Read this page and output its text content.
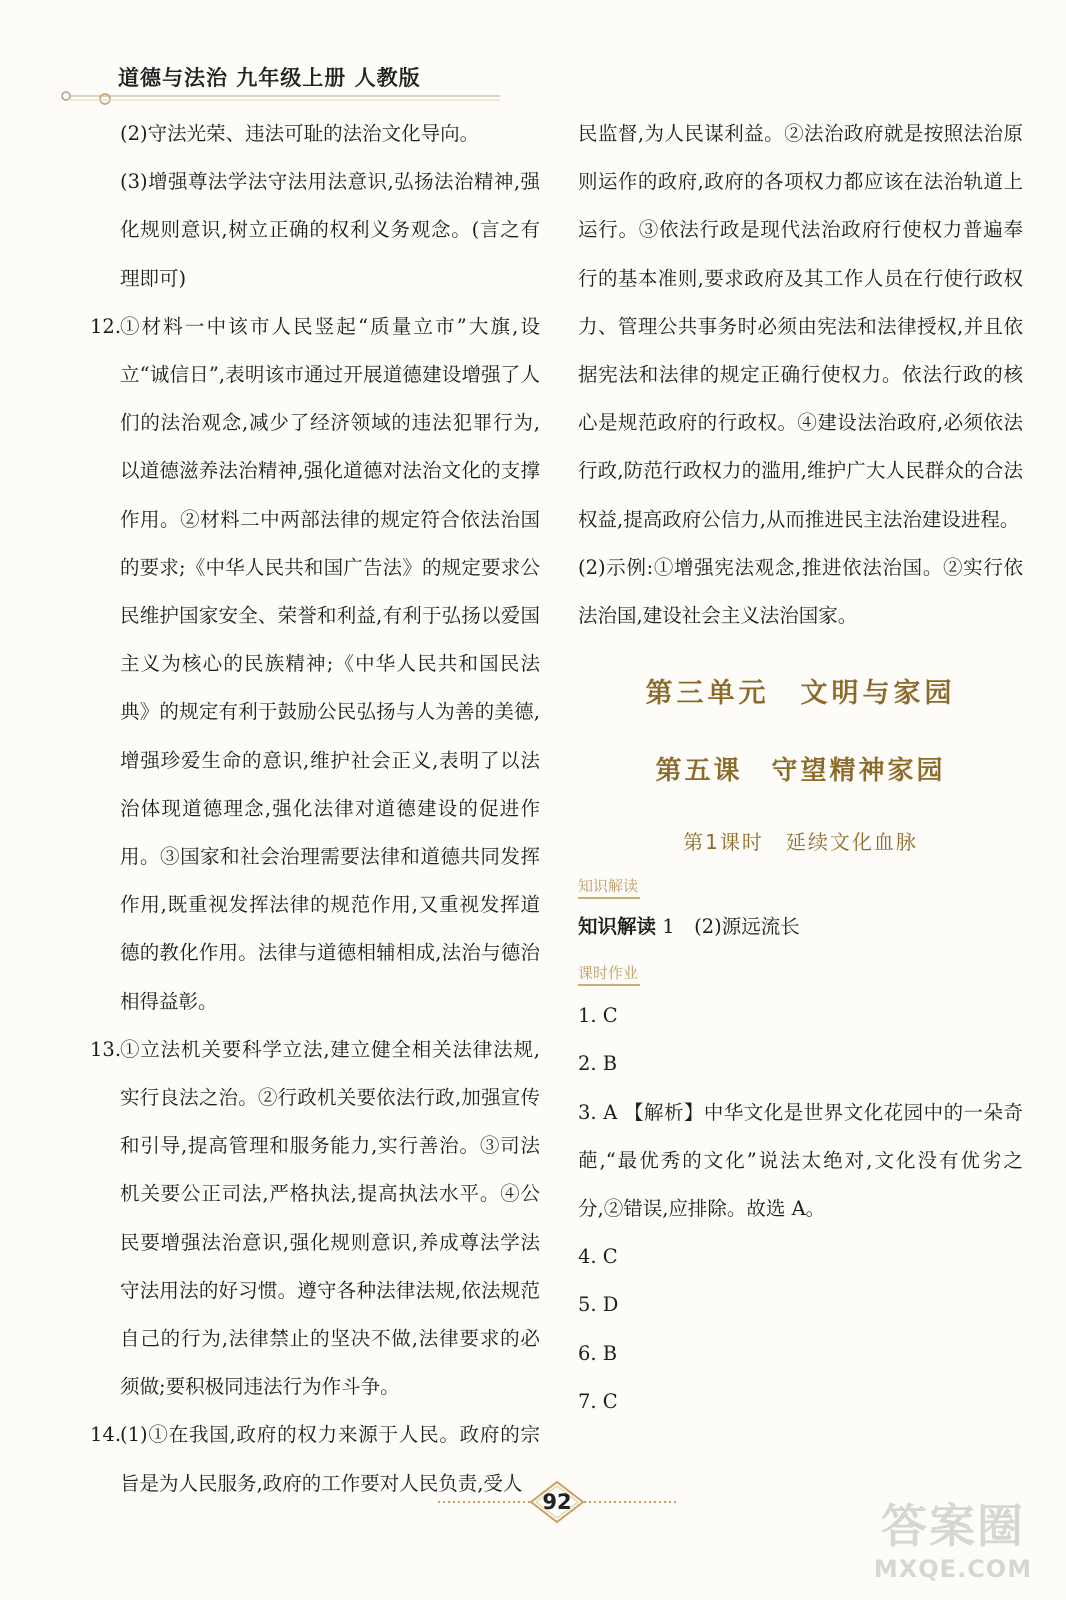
道德与法治 九年级上册 人教版

(2)守法光荣、违法可耻的法治文化导向。

(3)增强尊法学法守法用法意识,弘扬法治精神,强化规则意识,树立正确的权利义务观念。(言之有理即可)

12.

①材料一中该市人民竖起“质量立市”大旗,设立“诚信日”,表明该市通过开展道德建设增强了人们的法治观念,减少了经济领域的违法犯罪行为,以道德滋养法治精神,强化道德对法治文化的支撑作用。②材料二中两部法律的规定符合依法治国的要求;《中华人民共和国广告法》的规定要求公民维护国家安全、荣誉和利益,有利于弘扬以爱国主义为核心的民族精神;《中华人民共和国民法典》的规定有利于鼓励公民弘扬与人为善的美德,增强珍爱生命的意识,维护社会正义,表明了以法治体现道德理念,强化法律对道德建设的促进作用。③国家和社会治理需要法律和道德共同发挥作用,既重视发挥法律的规范作用,又重视发挥道德的教化作用。法律与道德相辅相成,法治与德治相得益彰。

13.

①立法机关要科学立法,建立健全相关法律法规,实行良法之治。②行政机关要依法行政,加强宣传和引导,提高管理和服务能力,实行善治。③司法机关要公正司法,严格执法,提高执法水平。④公民要增强法治意识,强化规则意识,养成尊法学法守法用法的好习惯。遵守各种法律法规,依法规范自己的行为,法律禁止的坚决不做,法律要求的必须做;要积极同违法行为作斗争。

14.

(1)①在我国,政府的权力来源于人民。政府的宗旨是为人民服务,政府的工作要对人民负责,受人

民监督,为人民谋利益。②法治政府就是按照法治原则运作的政府,政府的各项权力都应该在法治轨道上运行。③依法行政是现代法治政府行使权力普遍奉行的基本准则,要求政府及其工作人员在行使行政权力、管理公共事务时必须由宪法和法律授权,并且依据宪法和法律的规定正确行使权力。依法行政的核心是规范政府的行政权。④建设法治政府,必须依法行政,防范行政权力的滥用,维护广大人民群众的合法权益,提高政府公信力,从而推进民主法治建设进程。

(2)示例:①增强宪法观念,推进依法治国。②实行依法治国,建设社会主义法治国家。

第三单元　文明与家园
第五课　守望精神家园
第1课时　延续文化血脉
知识解读

知识解读 1　(2)源远流长

课时作业

1. C

2. B

3. A 【解析】中华文化是世界文化花园中的一朵奇葩,“最优秀的文化”说法太绝对,文化没有优劣之分,②错误,应排除。故选 A。

4. C

5. D

6. B

7. C

92	答案圈
MXQE.COM
